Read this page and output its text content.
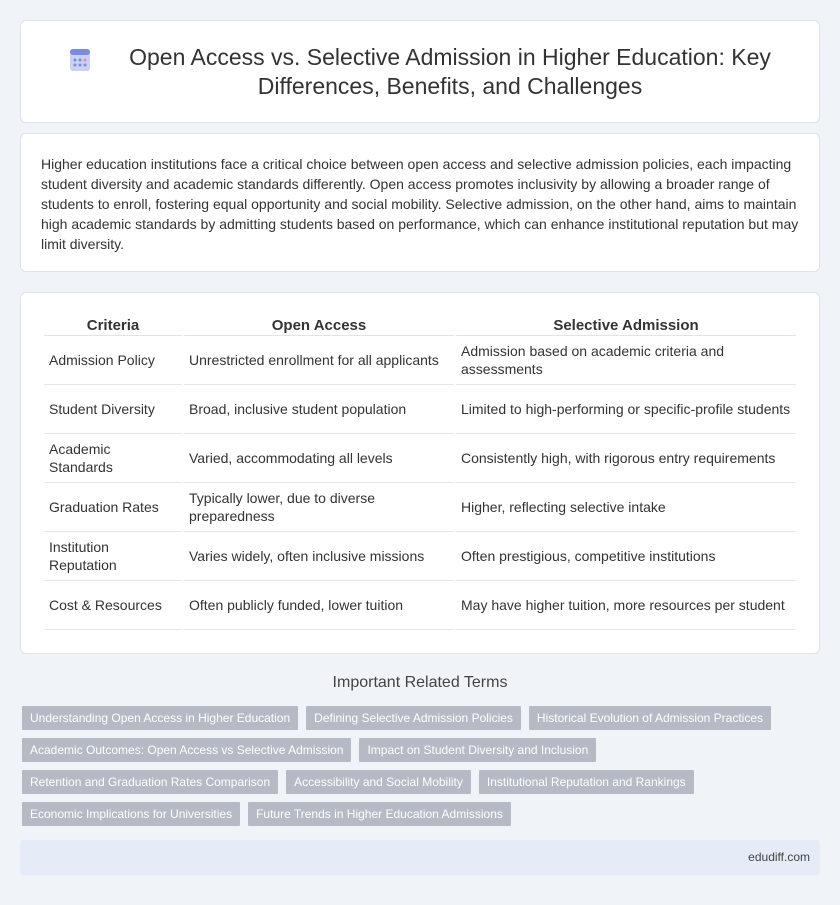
Open Access vs. Selective Admission in Higher Education: Key Differences, Benefits, and Challenges

Higher education institutions face a critical choice between open access and selective admission policies, each impacting student diversity and academic standards differently. Open access promotes inclusivity by allowing a broader range of students to enroll, fostering equal opportunity and social mobility. Selective admission, on the other hand, aims to maintain high academic standards by admitting students based on performance, which can enhance institutional reputation but may limit diversity.

Criteria	Open Access	Selective Admission
Admission Policy	Unrestricted enrollment for all applicants	Admission based on academic criteria and assessments
Student Diversity	Broad, inclusive student population	Limited to high-performing or specific-profile students
Academic Standards	Varied, accommodating all levels	Consistently high, with rigorous entry requirements
Graduation Rates	Typically lower, due to diverse preparedness	Higher, reflecting selective intake
Institution Reputation	Varies widely, often inclusive missions	Often prestigious, competitive institutions
Cost & Resources	Often publicly funded, lower tuition	May have higher tuition, more resources per student
Important Related Terms
Understanding Open Access in Higher Education	Defining Selective Admission Policies	Historical Evolution of Admission Practices
Academic Outcomes: Open Access vs Selective Admission	Impact on Student Diversity and Inclusion
Retention and Graduation Rates Comparison	Accessibility and Social Mobility	Institutional Reputation and Rankings
Economic Implications for Universities	Future Trends in Higher Education Admissions
edudiff.com
